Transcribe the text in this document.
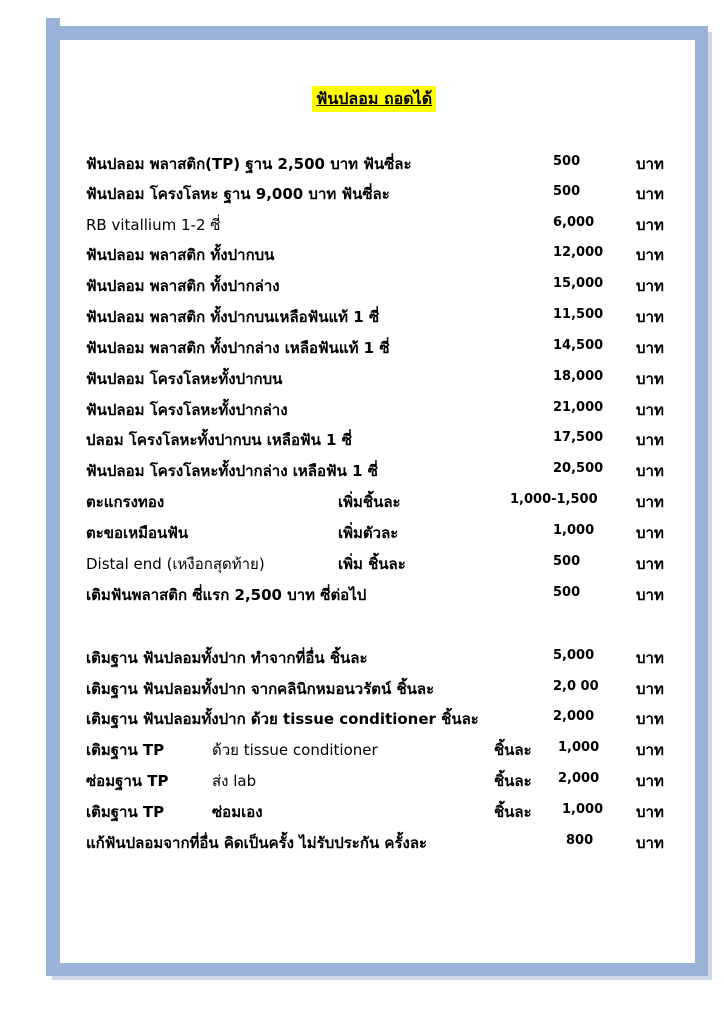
ฟันปลอม ถอดได้
ฟันปลอม พลาสติก(TP) ฐาน 2,500 บาท ฟันซี่ละ	500	บาท
ฟันปลอม โครงโลหะ ฐาน 9,000 บาท ฟันซี่ละ	500	บาท
RB vitallium 1-2 ซี่	6,000	บาท
ฟันปลอม พลาสติก ทั้งปากบน	12,000 บาท
ฟันปลอม พลาสติก ทั้งปากล่าง	15,000 บาท
ฟันปลอม พลาสติก ทั้งปากบนเหลือฟันแท้ 1 ซี่	11,500 บาท
ฟันปลอม พลาสติก ทั้งปากล่าง เหลือฟันแท้ 1 ซี่	14,500 บาท
ฟันปลอม โครงโลหะทั้งปากบน	18,000 บาท
ฟันปลอม โครงโลหะทั้งปากล่าง	21,000 บาท
ปลอม โครงโลหะทั้งปากบน เหลือฟัน 1 ซี่	17,500 บาท
ฟันปลอม โครงโลหะทั้งปากล่าง เหลือฟัน 1 ซี่	20,500 บาท
ตะแกรงทอง	เพิ่มชิ้นละ	1,000-1,500	บาท
ตะขอเหมือนฟัน	เพิ่มตัวละ	1,000	บาท
Distal end (เหงือกสุดท้าย)	เพิ่ม ชิ้นละ	500	บาท
เติมฟันพลาสติก ซี่แรก 2,500 บาท ซี่ต่อไป	500	บาท
เติมฐาน ฟันปลอมทั้งปาก ทำจากที่อื่น ชิ้นละ	5,000	บาท
เติมฐาน ฟันปลอมทั้งปาก จากคลินิกหมอนวรัตน์ ชิ้นละ	2,0 00 บาท
เติมฐาน ฟันปลอมทั้งปาก ด้วย tissue conditioner ชิ้นละ	2,000	บาท
เติมฐาน TP	ด้วย tissue conditioner	ชิ้นละ 1,000 บาท
ซ่อมฐาน TP	ส่ง lab	ชิ้นละ 2,000 บาท
เติมฐาน TP	ซ่อมเอง	ชิ้นละ 1,000 บาท
แก้ฟันปลอมจากที่อื่น คิดเป็นครั้ง ไม่รับประกัน ครั้งละ	800	บาท
